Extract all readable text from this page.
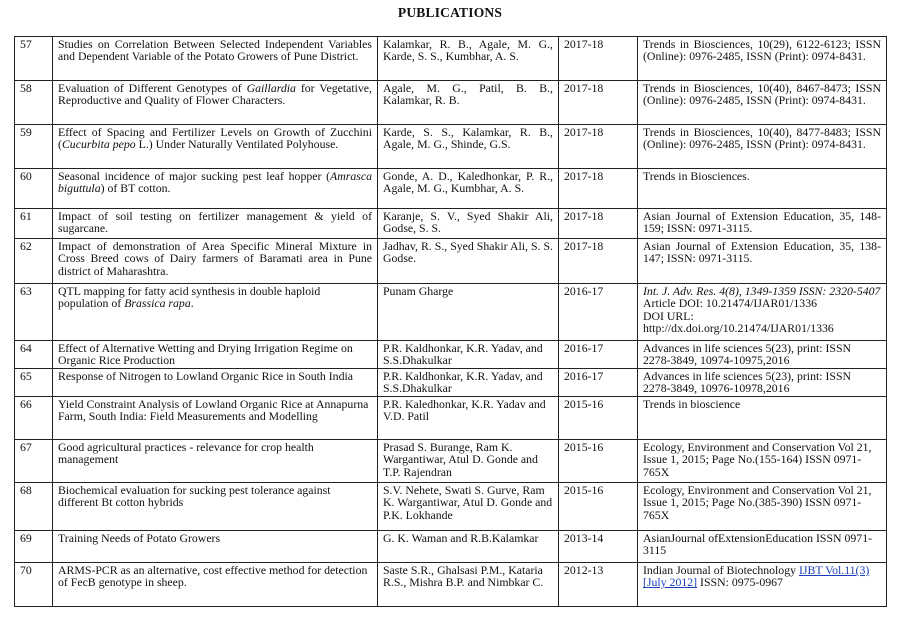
PUBLICATIONS
57	Studies on Correlation Between Selected Independent Variables and Dependent Variable of the Potato Growers of Pune District.	Kalamkar, R. B., Agale, M. G., Karde, S. S., Kumbhar, A. S.	2017-18	Trends in Biosciences, 10(29), 6122-6123; ISSN (Online): 0976-2485, ISSN (Print): 0974-8431.
58	Evaluation of Different Genotypes of Gaillardia for Vegetative, Reproductive and Quality of Flower Characters.	Agale, M. G., Patil, B. B., Kalamkar, R. B.	2017-18	Trends in Biosciences, 10(40), 8467-8473; ISSN (Online): 0976-2485, ISSN (Print): 0974-8431.
59	Effect of Spacing and Fertilizer Levels on Growth of Zucchini (Cucurbita pepo L.) Under Naturally Ventilated Polyhouse.	Karde, S. S., Kalamkar, R. B., Agale, M. G., Shinde, G.S.	2017-18	Trends in Biosciences, 10(40), 8477-8483; ISSN (Online): 0976-2485, ISSN (Print): 0974-8431.
60	Seasonal incidence of major sucking pest leaf hopper (Amrasca biguttula) of BT cotton.	Gonde, A. D., Kaledhonkar, P. R., Agale, M. G., Kumbhar, A. S.	2017-18	Trends in Biosciences.
61	Impact of soil testing on fertilizer management & yield of sugarcane.	Karanje, S. V., Syed Shakir Ali, Godse, S. S.	2017-18	Asian Journal of Extension Education, 35, 148-159; ISSN: 0971-3115.
62	Impact of demonstration of Area Specific Mineral Mixture in Cross Breed cows of Dairy farmers of Baramati area in Pune district of Maharashtra.	Jadhav, R. S., Syed Shakir Ali, S. S. Godse.	2017-18	Asian Journal of Extension Education, 35, 138-147; ISSN: 0971-3115.
63	QTL mapping for fatty acid synthesis in double haploid population of Brassica rapa.	Punam Gharge	2016-17	Int. J. Adv. Res. 4(8), 1349-1359 ISSN: 2320-5407
Article DOI: 10.21474/IJAR01/1336
DOI URL:
http://dx.doi.org/10.21474/IJAR01/1336
64	Effect of Alternative Wetting and Drying Irrigation Regime on Organic Rice Production	P.R. Kaldhonkar, K.R. Yadav, and S.S.Dhakulkar	2016-17	Advances in life sciences 5(23), print: ISSN 2278-3849, 10974-10975,2016
65	Response of Nitrogen to Lowland Organic Rice in South India	P.R. Kaldhonkar, K.R. Yadav, and S.S.Dhakulkar	2016-17	Advances in life sciences 5(23), print: ISSN 2278-3849, 10976-10978,2016
66	Yield Constraint Analysis of Lowland Organic Rice at Annapurna Farm, South India: Field Measurements and Modelling	P.R. Kaledhonkar, K.R. Yadav and V.D. Patil	2015-16	Trends in bioscience
67	Good agricultural practices - relevance for crop health management	Prasad S. Burange, Ram K. Wargantiwar, Atul D. Gonde and T.P. Rajendran	2015-16	Ecology, Environment and Conservation Vol 21, Issue 1, 2015; Page No.(155-164) ISSN 0971-765X
68	Biochemical evaluation for sucking pest tolerance against different Bt cotton hybrids	S.V. Nehete, Swati S. Gurve, Ram K. Wargantiwar, Atul D. Gonde and P.K. Lokhande	2015-16	Ecology, Environment and Conservation Vol 21, Issue 1, 2015; Page No.(385-390) ISSN 0971-765X
69	Training Needs of Potato Growers	G. K. Waman and R.B.Kalamkar	2013-14	AsianJournal ofExtensionEducation ISSN 0971-3115
70	ARMS-PCR as an alternative, cost effective method for detection of FecB genotype in sheep.	Saste S.R., Ghalsasi P.M., Kataria R.S., Mishra B.P. and Nimbkar C.	2012-13	Indian Journal of Biotechnology IJBT Vol.11(3) [July 2012] ISSN: 0975-0967
